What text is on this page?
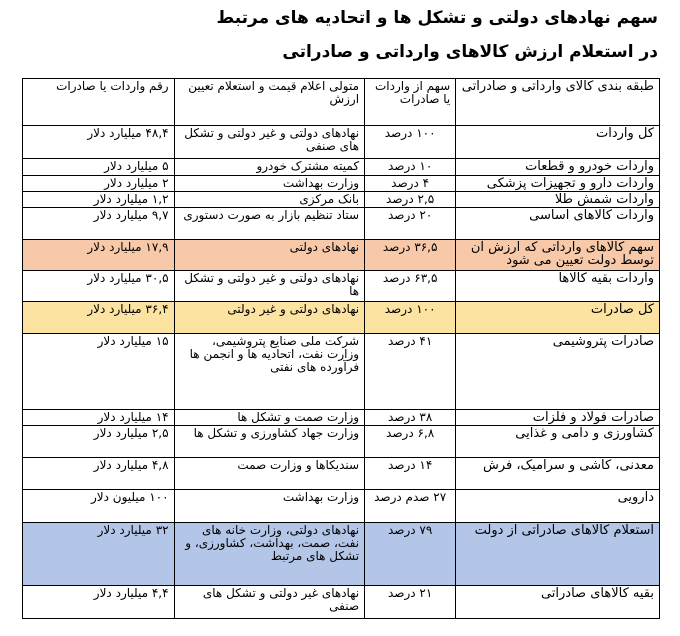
سهم نهادهای دولتی و تشکل ها و اتحادیه های مرتبط
در استعلام ارزش کالاهای وارداتی و صادراتی
طبقه بندی کالای وارداتی و صادراتی	سهم از واردات یا صادرات	متولی اعلام قیمت و استعلام تعیین ارزش	رقم واردات یا صادرات
کل واردات	۱۰۰ درصد	نهادهای دولتی و غیر دولتی و تشکل های صنفی	۴۸,۴ میلیارد دلار
واردات خودرو و قطعات	۱۰ درصد	کمیته مشترک خودرو	۵ میلیارد دلار
واردات دارو و تجهیزات پزشکی	۴ درصد	وزارت بهداشت	۲ میلیارد دلار
واردات شمش طلا	۲,۵ درصد	بانک مرکزی	۱,۲ میلیارد دلار
واردات کالاهای اساسی	۲۰ درصد	ستاد تنظیم بازار به صورت دستوری	۹,۷ میلیارد دلار
سهم کالاهای وارداتی که ارزش آن توسط دولت تعیین می شود	۳۶,۵ درصد	نهادهای دولتی	۱۷,۹ میلیارد دلار
واردات بقیه کالاها	۶۳,۵ درصد	نهادهای دولتی و غیر دولتی و تشکل ها	۳۰,۵ میلیارد دلار
کل صادرات	۱۰۰ درصد	نهادهای دولتی و غیر دولتی	۳۶,۴ میلیارد دلار
صادرات پتروشیمی	۴۱ درصد	شرکت ملی صنایع پتروشیمی، وزارت نفت، اتحادیه ها و انجمن ها فرآورده های نفتی	۱۵ میلیارد دلار
صادرات فولاد و فلزات	۳۸ درصد	وزارت صمت و تشکل ها	۱۴ میلیارد دلار
کشاورزی و دامی و غذایی	۶,۸ درصد	وزارت جهاد کشاورزی و تشکل ها	۲,۵ میلیارد دلار
معدنی، کاشی و سرامیک، فرش	۱۴ درصد	سندیکاها و وزارت صمت	۴,۸ میلیارد دلار
دارویی	۲۷ صدم درصد	وزارت بهداشت	۱۰۰ میلیون دلار
استعلام کالاهای صادراتی از دولت	۷۹ درصد	نهادهای دولتی، وزارت خانه های نفت، صمت، بهداشت، کشاورزی، و تشکل های مرتبط	۳۲ میلیارد دلار
بقیه کالاهای صادراتی	۲۱ درصد	نهادهای غیر دولتی و تشکل های صنفی	۴,۴ میلیارد دلار
